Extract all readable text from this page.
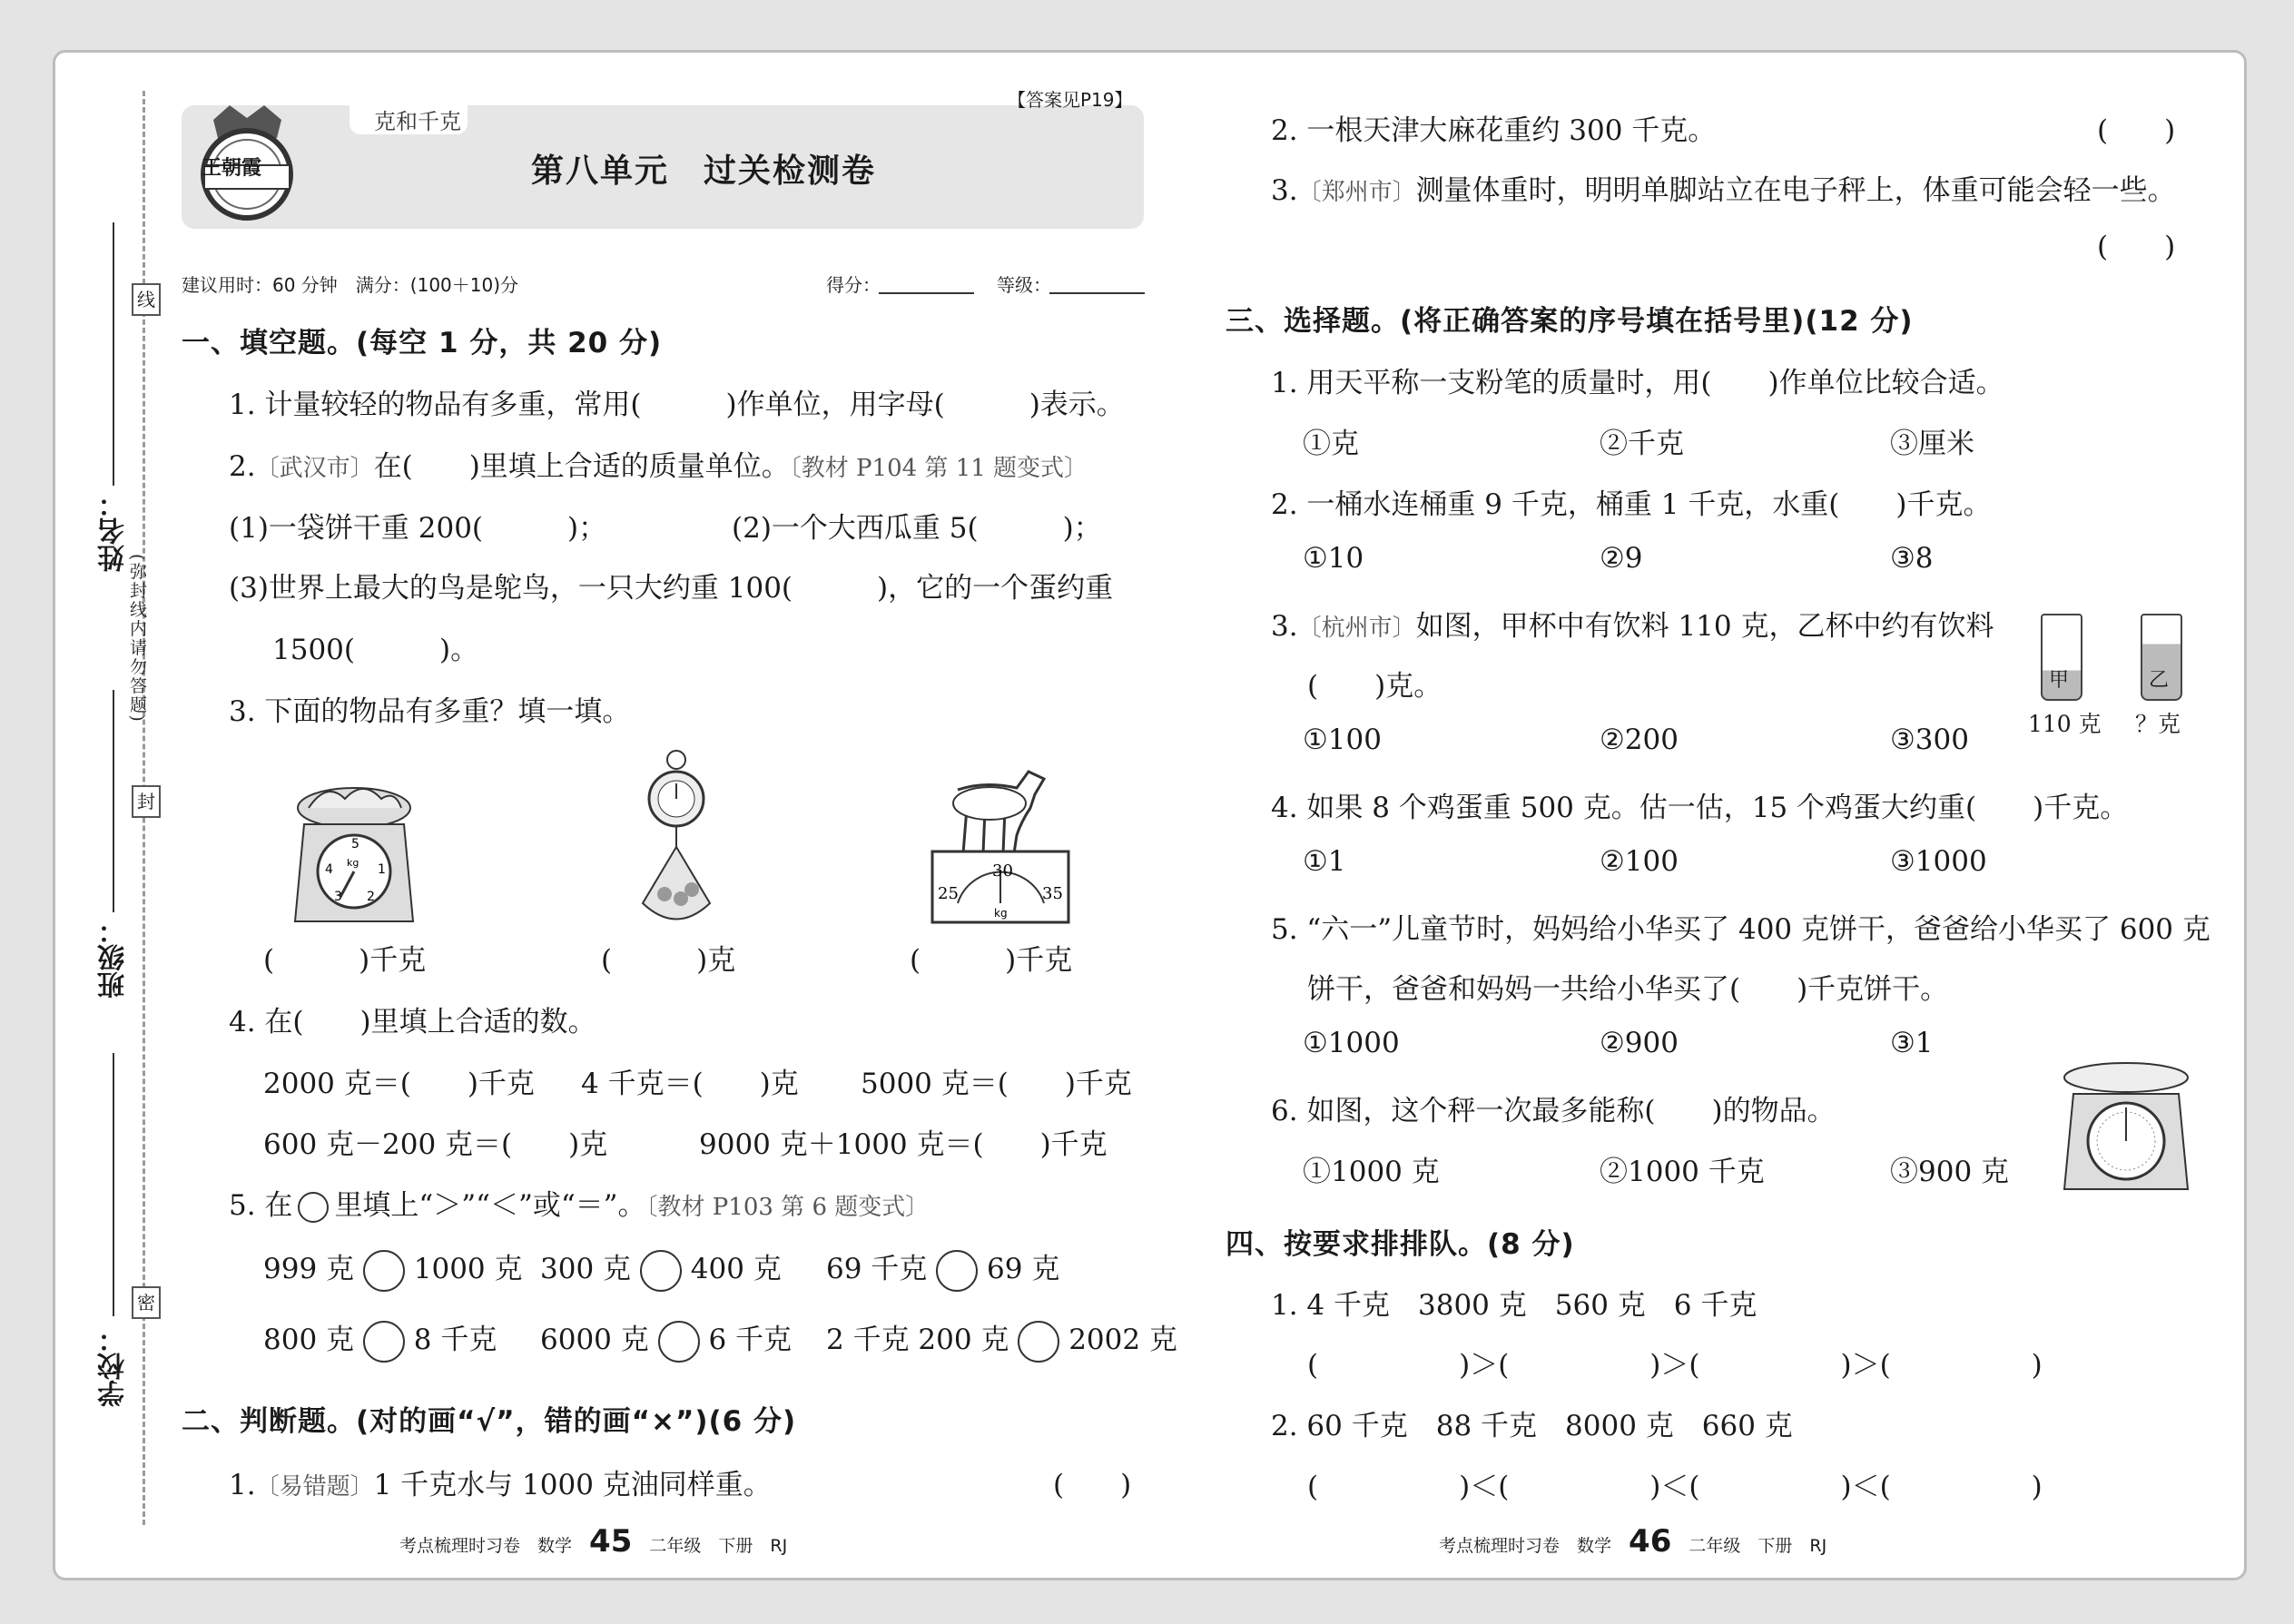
学校：
班级：
姓名：
线
封
密
(弥封线内请勿答题)
王朝霞
克和千克
【答案见P19】
第八单元　过关检测卷
建议用时：60 分钟　满分：(100＋10)分	得分：	等级：
一、填空题。(每空 1 分，共 20 分)
1. 计量较轻的物品有多重，常用(　　　)作单位，用字母(　　　)表示。
2.〔武汉市〕在(　　)里填上合适的质量单位。〔教材 P104 第 11 题变式〕
(1)一袋饼干重 200(　　　)；	(2)一个大西瓜重 5(　　　)；
(3)世界上最大的鸟是鸵鸟，一只大约重 100(　　　)，它的一个蛋约重
1500(　　　)。
3. 下面的物品有多重？填一填。
5
4	1
3 2
kg
25
30
35
kg
(　　　)千克	(　　　)克	(　　　)千克
4. 在(　　)里填上合适的数。
2000 克＝(　　)千克 4 千克＝(　　)克 5000 克＝(　　)千克
600 克－200 克＝(　　)克	9000 克＋1000 克＝(　　)千克
5. 在 里填上“＞”“＜”或“＝”。〔教材 P103 第 6 题变式〕
999 克 1000 克 300 克 400 克 69 千克 69 克
800 克 8 千克 6000 克 6 千克 2 千克 200 克 2002 克
二、判断题。(对的画“√”，错的画“×”)(6 分)
1.〔易错题〕1 千克水与 1000 克油同样重。	(　　)
考点梳理时习卷　数学　 45　 二年级　下册　RJ
2. 一根天津大麻花重约 300 千克。	(　　)
3.〔郑州市〕测量体重时，明明单脚站立在电子秤上，体重可能会轻一些。
(　　)
三、选择题。(将正确答案的序号填在括号里)(12 分)
1. 用天平称一支粉笔的质量时，用(　　)作单位比较合适。
①克	②千克	③厘米
2. 一桶水连桶重 9 千克，桶重 1 千克，水重(　　)千克。
①10	②9	③8
3.〔杭州市〕如图，甲杯中有饮料 110 克，乙杯中约有饮料
(　　)克。
①100	②200	③300
甲	乙
110 克 ？克
4. 如果 8 个鸡蛋重 500 克。估一估，15 个鸡蛋大约重(　　)千克。
①1	②100	③1000
5. “六一”儿童节时，妈妈给小华买了 400 克饼干，爸爸给小华买了 600 克
饼干，爸爸和妈妈一共给小华买了(　　)千克饼干。
①1000	②900	③1
6. 如图，这个秤一次最多能称(　　)的物品。
①1000 克	②1000 千克	③900 克
四、按要求排排队。(8 分)
1. 4 千克　3800 克　560 克　6 千克
(　　　　　)＞(　　　　　)＞(　　　　　)＞(　　　　　)
2. 60 千克　88 千克　8000 克　660 克
(　　　　　)＜(　　　　　)＜(　　　　　)＜(　　　　　)
考点梳理时习卷　数学　 46　 二年级　下册　RJ
